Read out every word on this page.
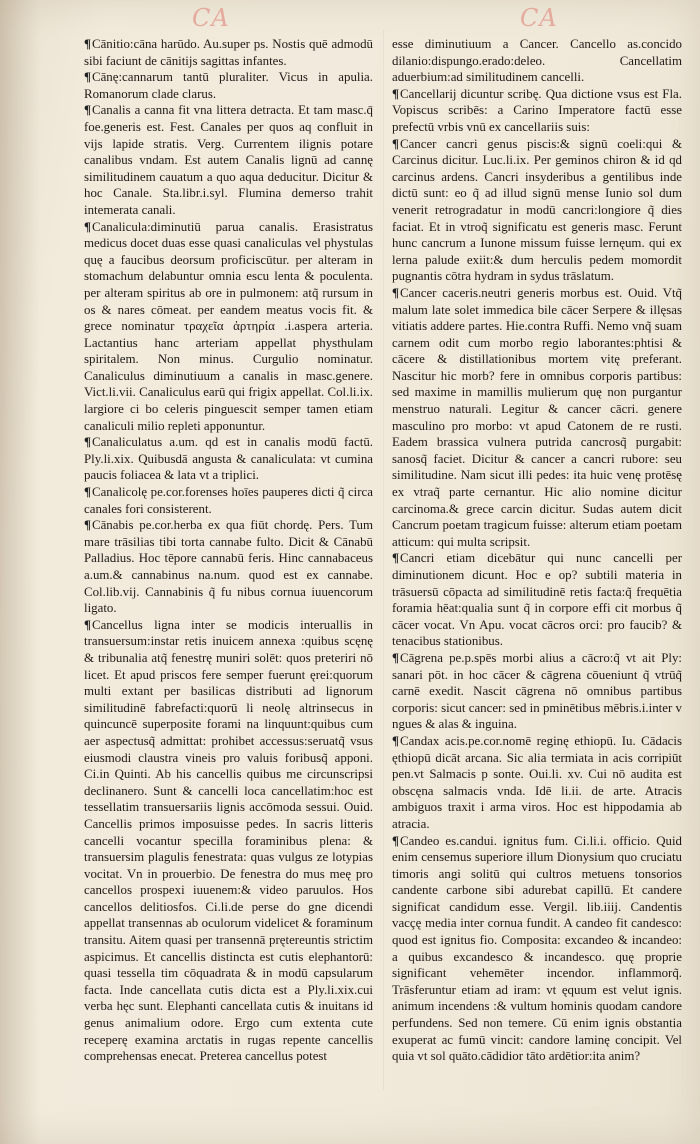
CA	CA

¶Cānitio:cāna harūdo. Au.super ps. Nostis quē admodū sibi faciunt de cānitijs sagittas infantes.

¶Cānę:cannarum tantū pluraliter. Vicus in apulia. Romanorum clade clarus.

¶Canalis a canna fit vna littera detracta. Et tam masc.q̄ foe.generis est. Fest. Canales per quos aq confluit in vijs lapide stratis. Verg. Currentem ilignis potare canalibus vndam. Est autem Canalis lignū ad cannę similitudinem cauatum a quo aqua deducitur. Dicitur & hoc Canale. Sta.libr.i.syl. Flumina demerso trahit intemerata canali.

¶Canalicula:diminutiū parua canalis. Erasistratus medicus docet duas esse quasi canaliculas vel phystulas quę a faucibus deorsum proficiscūtur. per alteram in stomachum delabuntur omnia escu lenta & poculenta. per alteram spiritus ab ore in pulmonem: atq̃ rursum in os & nares cōmeat. per eandem meatus vocis fit. & grece nominatur τραχεῖα ἀρτηρία .i.aspera arteria. Lactantius hanc arteriam appellat physthulam spiritalem. Non minus. Curgulio nominatur. Canaliculus diminutiuum a canalis in masc.genere. Vict.li.vii. Canaliculus earū qui frigix appellat. Col.li.ix. largiore ci bo celeris pinguescit semper tamen etiam canaliculi milio repleti apponuntur.

¶Canaliculatus a.um. qd est in canalis modū factū. Ply.li.xix. Quibusdā angusta & canaliculata: vt cumina paucis foliacea & lata vt a triplici.

¶Canalicolę pe.cor.forenses hoīes pauperes dicti q̃ circa canales fori consisterent.

¶Cānabis pe.cor.herba ex qua fiūt chordę. Pers. Tum mare trāsilias tibi torta cannabe fulto. Dicit & Cānabū Palladius. Hoc tēpore cannabū feris. Hinc cannabaceus a.um.& cannabinus na.num. quod est ex cannabe. Col.lib.vij. Cannabinis q̃ fu nibus cornua iuuencorum ligato.

¶Cancellus ligna inter se modicis interuallis in transuersum:instar retis inuicem annexa :quibus scęnę & tribunalia atq̃ fenestrę muniri solēt: quos preteriri nō licet. Et apud priscos fere semper fuerunt ęrei:quorum multi extant per basilicas distributi ad lignorum similitudinē fabrefacti:quorū li neolę altrinsecus in quincuncē superposite forami na linquunt:quibus cum aer aspectusq̃ admittat: prohibet accessus:seruatq̃ vsus eiusmodi claustra vineis pro valuis foribusq̃ apponi. Ci.in Quinti. Ab his cancellis quibus me circunscripsi declinanero. Sunt & cancelli loca cancellatim:hoc est tessellatim transuersariis lignis accōmoda sessui. Ouid. Cancellis primos imposuisse pedes. In sacris litteris cancelli vocantur specilla foraminibus plena: & transuersim plagulis fenestrata: quas vulgus ze lotypias vocitat. Vn in prouerbio. De fenestra do mus meę pro cancellos prospexi iuuenem:& video paruulos. Hos cancellos delitiosfos. Ci.li.de perse do gne dicendi appellat transennas ab oculorum videlicet & foraminum transitu. Aitem quasi per transennā prętereuntis strictim aspicimus. Et cancellis distincta est cutis elephantorū: quasi tessella tim cōquadrata & in modū capsularum facta. Inde cancellata cutis dicta est a Ply.li.xix.cui verba hęc sunt. Elephanti cancellata cutis & inuitans id genus animalium odore. Ergo cum extenta cute receperę examina arctatis in rugas repente cancellis comprehensas enecat. Pretereа cancellus potest

esse diminutiuum a Cancer. Cancello as.concido dilanio:dispungo.erado:deleo. Cancellatim aduerbium:ad similitudinem cancelli.

¶Cancellarij dicuntur scribę. Qua dictione vsus est Fla. Vopiscus scribēs: a Carino Imperatore factū esse prefectū vrbis vnū ex cancellariis suis:

¶Cancer cancri genus piscis:& signū coeli:qui & Carcinus dicitur. Luc.li.ix. Per geminos chiron & id qd carcinus ardens. Cancri insyderibus a gentilibus inde dictū sunt: eo q̃ ad illud signū mense Iunio sol dum venerit retrogradatur in modū cancri:longiore q̃ dies faciat. Et in vtroq̃ significatu est generis masc. Ferunt hunc cancrum a Iunone missum fuisse lernęum. qui ex lerna palude exiit:& dum herculis pedem momordit pugnantis cōtra hydram in sydus trāslatum.

¶Cancer caceris.neutri generis morbus est. Ouid. Vtq̃ malum late solet immedica bile cācer Serpere & illęsas vitiatis addere partes. Hie.contra Ruffi. Nemo vnq̃ suam carnem odit cum morbo regio laborantes:phtisi & cācere & distillationibus mortem vitę preferant. Nascitur hic morb? fere in omnibus corporis partibus: sed maxime in mamillis mulierum quę non purgantur menstruo naturali. Legitur & cancer cācri. genere masculino pro morbo: vt apud Catonem de re rusti. Eadem brassica vulnera putrida cancrosq̃ purgabit: sanosq̃ faciet. Dicitur & cancer a cancri rubore: seu similitudine. Nam sicut illi pedes: ita huic venę protēsę ex vtraq̃ parte cernantur. Hic alio nomine dicitur carcinoma.& grece carcin dicitur. Sudas autem dicit Cancrum poetam tragicum fuisse: alterum etiam poetam atticum: qui multa scripsit.

¶Cancri etiam dicebātur qui nunc cancelli per diminutionem dicunt. Hoc e op? subtili materia in trāsuersū cōpacta ad similitudinē retis facta:q̃ frequētia foramia hēat:qualia sunt q̃ in corpore effi cit morbus q̃ cācer vocat. Vn Apu. vocat cācros orci: pro faucib? & tenacibus stationibus.

¶Cāgrena pe.p.spēs morbi alius a cācro:q̃ vt ait Ply: sanari pōt. in hoc cācer & cāgrena cōueniunt q̃ vtrūq̃ carnē exedit. Nascit cāgrena nō omnibus partibus corporis: sicut cancer: sed in pminētibus mēbris.i.inter v ngues & alas & inguina.

¶Candax acis.pe.cor.nomē reginę ethiopū. Iu. Cādacis ęthiopū dicāt arcana. Sic alia termiata in acis corripiūt pen.vt Salmacis p sonte. Oui.li. xv. Cui nō audita est obscęna salmacis vnda. Idē li.ii. de arte. Atracis ambiguos traxit i arma viros. Hoc est hippodamia ab atracia.

¶Candeo es.candui. ignitus fum. Ci.li.i. officio. Quid enim censemus superiore illum Dionysium quo cruciatu timoris angi solitū qui cultros metuens tonsorios candente carbone sibi adurebat capillū. Et candere significat candidum esse. Vergil. lib.iiij. Candentis vacçę media inter cornua fundit. A candeo fit candesco: quod est ignitus fio. Composita: excandeo & incandeo: a quibus excandesco & incandesco. quę proprie significant vehemēter incendor. inflammorq̃. Trāsferuntur etiam ad iram: vt ęquum est velut ignis. animum incendens :& vultum hominis quodam candore perfundens. Sed non temere. Cū enim ignis obstantia exuperat ac fumū vincit: candore laminę concipit. Vel quia vt sol quāto.cādidior tāto ardētior:ita anim?
